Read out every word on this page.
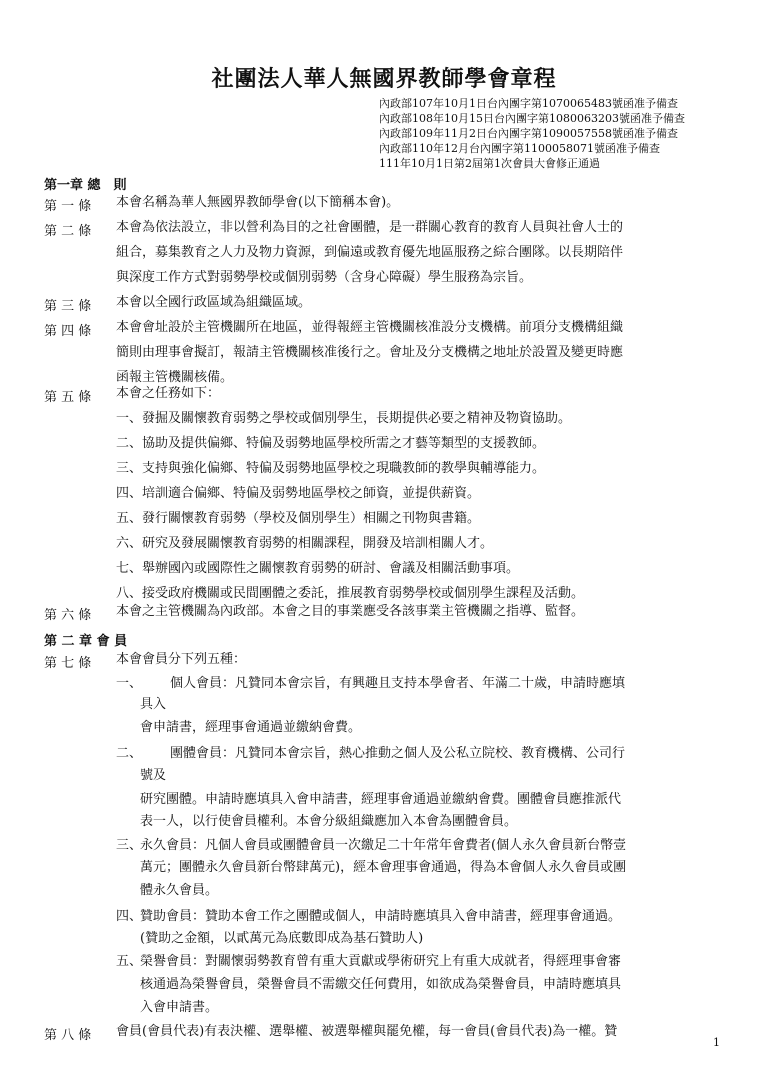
社團法人華人無國界教師學會章程
內政部107年10月1日台內團字第1070065483號函准予備查
內政部108年10月15日台內團字第1080063203號函准予備查
內政部109年11月2日台內團字第1090057558號函准予備查
內政部110年12月台內團字第1100058071號函准予備查
111年10月1日第2屆第1次會員大會修正通過
第一章 總　則
第 一 條 本會名稱為華人無國界教師學會(以下簡稱本會)。
第 二 條 本會為依法設立，非以營利為目的之社會團體，是一群關心教育的教育人員與社會人士的
組合，募集教育之人力及物力資源，到偏遠或教育優先地區服務之綜合團隊。以長期陪伴
與深度工作方式對弱勢學校或個別弱勢（含身心障礙）學生服務為宗旨。
第 三 條 本會以全國行政區域為組織區域。
第 四 條 本會會址設於主管機關所在地區，並得報經主管機關核准設分支機構。前項分支機構組織
簡則由理事會擬訂，報請主管機關核准後行之。會址及分支機構之地址於設置及變更時應
函報主管機關核備。
第 五 條 本會之任務如下：
一、發掘及關懷教育弱勢之學校或個別學生，長期提供必要之精神及物資協助。
二、協助及提供偏鄉、特偏及弱勢地區學校所需之才藝等類型的支援教師。
三、支持與強化偏鄉、特偏及弱勢地區學校之現職教師的教學與輔導能力。
四、培訓適合偏鄉、特偏及弱勢地區學校之師資，並提供薪資。
五、發行關懷教育弱勢（學校及個別學生）相關之刊物與書籍。
六、研究及發展關懷教育弱勢的相關課程，開發及培訓相關人才。
七、舉辦國內或國際性之關懷教育弱勢的研討、會議及相關活動事項。
八、接受政府機關或民間團體之委託，推展教育弱勢學校或個別學生課程及活動。
第 六 條 本會之主管機關為內政部。本會之目的事業應受各該事業主管機關之指導、監督。
第 二 章 會 員
第 七 條 本會會員分下列五種：
一、 個人會員：凡贊同本會宗旨，有興趣且支持本學會者、年滿二十歲，申請時應填
具入
會申請書，經理事會通過並繳納會費。
二、 團體會員：凡贊同本會宗旨，熱心推動之個人及公私立院校、教育機構、公司行
號及
研究團體。申請時應填具入會申請書，經理事會通過並繳納會費。團體會員應推派代
表一人，以行使會員權利。本會分級組織應加入本會為團體會員。
三、
永久會員：凡個人會員或團體會員一次繳足二十年常年會費者(個人永久會員新台幣壹
萬元；團體永久會員新台幣肆萬元)，經本會理事會通過，得為本會個人永久會員或團
體永久會員。
四、
贊助會員：贊助本會工作之團體或個人，申請時應填具入會申請書，經理事會通過。
(贊助之金額，以貳萬元為底數即成為基石贊助人)
五、
榮譽會員：對關懷弱勢教育曾有重大貢獻或學術研究上有重大成就者，得經理事會審
核通過為榮譽會員，榮譽會員不需繳交任何費用，如欲成為榮譽會員，申請時應填具
入會申請書。
第 八 條 會員(會員代表)有表決權、選舉權、被選舉權與罷免權，每一會員(會員代表)為一權。贊
1
